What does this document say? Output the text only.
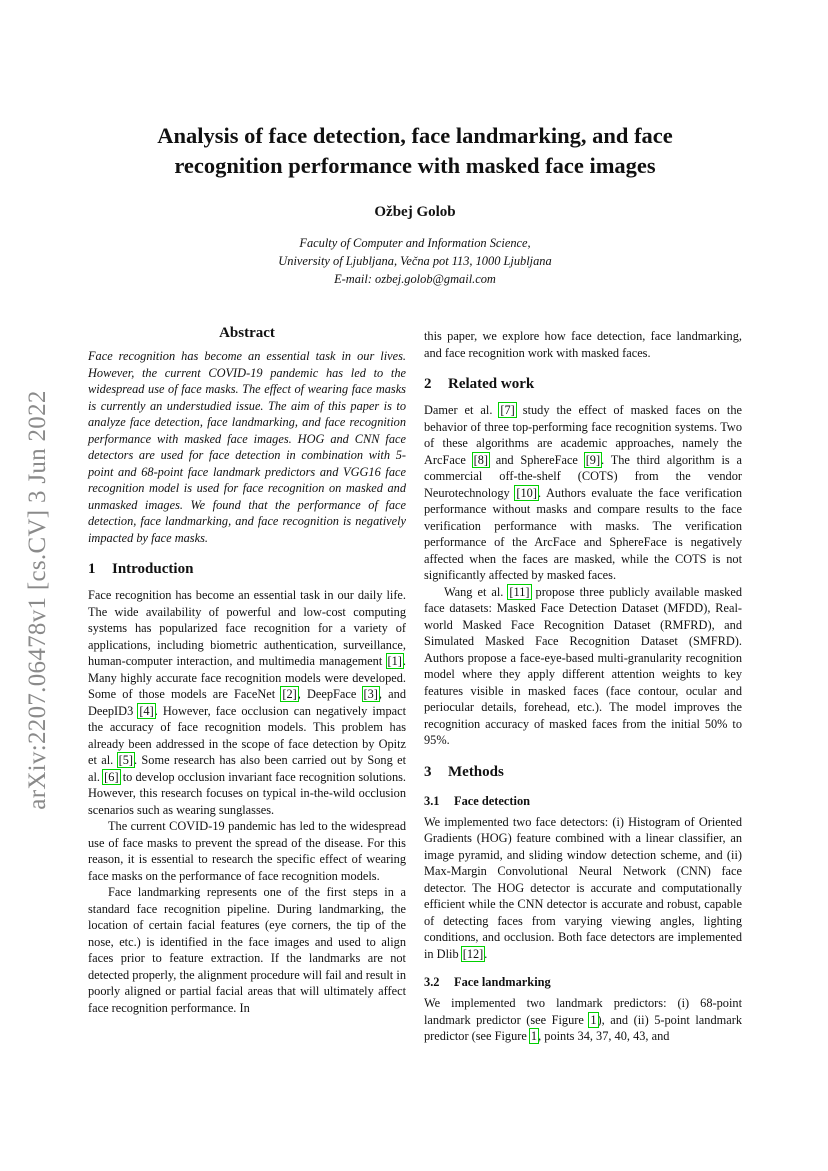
arXiv:2207.06478v1 [cs.CV] 3 Jun 2022
Analysis of face detection, face landmarking, and face recognition performance with masked face images
Ožbej Golob
Faculty of Computer and Information Science,
University of Ljubljana, Večna pot 113, 1000 Ljubljana
E-mail: ozbej.golob@gmail.com
Abstract

Face recognition has become an essential task in our lives. However, the current COVID-19 pandemic has led to the widespread use of face masks. The effect of wearing face masks is currently an understudied issue. The aim of this paper is to analyze face detection, face landmarking, and face recognition performance with masked face images. HOG and CNN face detectors are used for face detection in combination with 5-point and 68-point face landmark predictors and VGG16 face recognition model is used for face recognition on masked and unmasked images. We found that the performance of face detection, face landmarking, and face recognition is negatively impacted by face masks.

1 Introduction

Face recognition has become an essential task in our daily life. The wide availability of powerful and low-cost computing systems has popularized face recognition for a variety of applications, including biometric authentication, surveillance, human-computer interaction, and multimedia management [1]. Many highly accurate face recognition models were developed. Some of those models are FaceNet [2], DeepFace [3], and DeepID3 [4]. However, face occlusion can negatively impact the accuracy of face recognition models. This problem has already been addressed in the scope of face detection by Opitz et al. [5]. Some research has also been carried out by Song et al. [6] to develop occlusion invariant face recognition solutions. However, this research focuses on typical in-the-wild occlusion scenarios such as wearing sunglasses.

The current COVID-19 pandemic has led to the widespread use of face masks to prevent the spread of the disease. For this reason, it is essential to research the specific effect of wearing face masks on the performance of face recognition models.

Face landmarking represents one of the first steps in a standard face recognition pipeline. During landmarking, the location of certain facial features (eye corners, the tip of the nose, etc.) is identified in the face images and used to align faces prior to feature extraction. If the landmarks are not detected properly, the alignment procedure will fail and result in poorly aligned or partial facial areas that will ultimately affect face recognition performance. In

this paper, we explore how face detection, face landmarking, and face recognition work with masked faces.

2 Related work

Damer et al. [7] study the effect of masked faces on the behavior of three top-performing face recognition systems. Two of these algorithms are academic approaches, namely the ArcFace [8] and SphereFace [9]. The third algorithm is a commercial off-the-shelf (COTS) from the vendor Neurotechnology [10]. Authors evaluate the face verification performance without masks and compare results to the face verification performance with masks. The verification performance of the ArcFace and SphereFace is negatively affected when the faces are masked, while the COTS is not significantly affected by masked faces.

Wang et al. [11] propose three publicly available masked face datasets: Masked Face Detection Dataset (MFDD), Real-world Masked Face Recognition Dataset (RMFRD), and Simulated Masked Face Recognition Dataset (SMFRD). Authors propose a face-eye-based multi-granularity recognition model where they apply different attention weights to key features visible in masked faces (face contour, ocular and periocular details, forehead, etc.). The model improves the recognition accuracy of masked faces from the initial 50% to 95%.

3 Methods
3.1 Face detection

We implemented two face detectors: (i) Histogram of Oriented Gradients (HOG) feature combined with a linear classifier, an image pyramid, and sliding window detection scheme, and (ii) Max-Margin Convolutional Neural Network (CNN) face detector. The HOG detector is accurate and computationally efficient while the CNN detector is accurate and robust, capable of detecting faces from varying viewing angles, lighting conditions, and occlusion. Both face detectors are implemented in Dlib [12].

3.2 Face landmarking

We implemented two landmark predictors: (i) 68-point landmark predictor (see Figure 1), and (ii) 5-point landmark predictor (see Figure 1, points 34, 37, 40, 43, and
